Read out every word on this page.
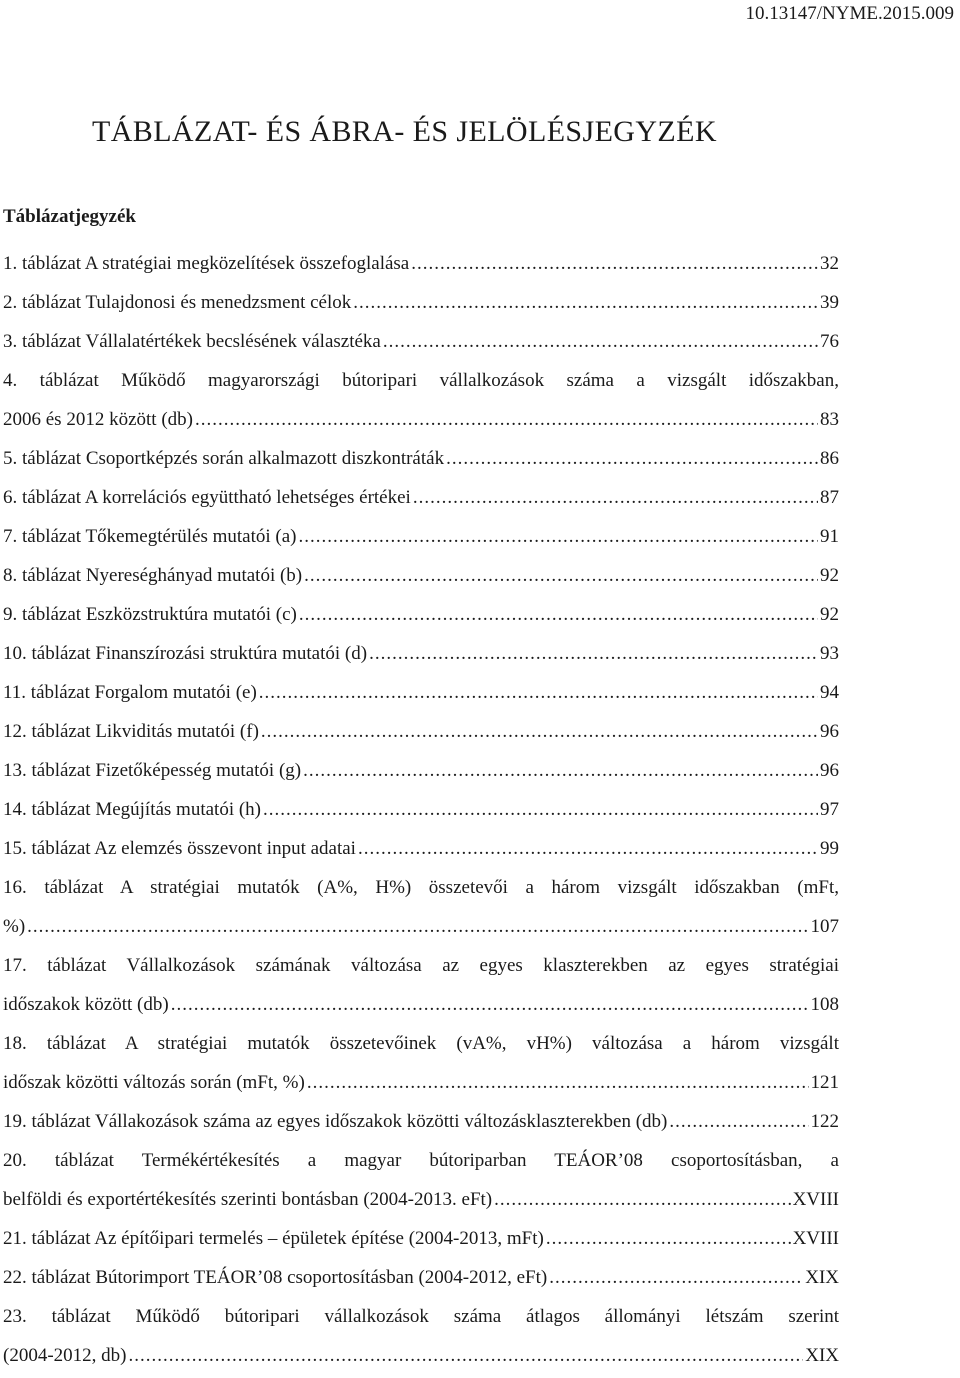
10.13147/NYME.2015.009
TÁBLÁZAT- ÉS ÁBRA- ÉS JELÖLÉSJEGYZÉK
Táblázatjegyzék
1. táblázat A stratégiai megközelítések összefoglalása .....	32
2. táblázat Tulajdonosi és menedzsment célok .....	39
3. táblázat Vállalatértékek becslésének választéka .....	76
4. táblázat Működő magyarországi bútoripari vállalkozások száma a vizsgált időszakban,
2006 és 2012 között (db) .....	83
5. táblázat Csoportképzés során alkalmazott diszkontráták .....	86
6. táblázat A korrelációs együttható lehetséges értékei .....	87
7. táblázat Tőkemegtérülés mutatói (a) .....	91
8. táblázat Nyereséghányad mutatói (b) .....	92
9. táblázat Eszközstruktúra mutatói (c) .....	92
10. táblázat Finanszírozási struktúra mutatói (d) .....	93
11. táblázat Forgalom mutatói (e) .....	94
12. táblázat Likviditás mutatói (f) .....	96
13. táblázat Fizetőképesség mutatói (g) .....	96
14. táblázat Megújítás mutatói (h) .....	97
15. táblázat Az elemzés összevont input adatai .....	99
16. táblázat A stratégiai mutatók (A%, H%) összetevői a három vizsgált időszakban (mFt,
%) .....	107
17. táblázat Vállalkozások számának változása az egyes klaszterekben az egyes stratégiai
időszakok között (db) .....	108
18. táblázat A stratégiai mutatók összetevőinek (vA%, vH%) változása a három vizsgált
időszak közötti változás során (mFt, %) .....	121
19. táblázat Vállakozások száma az egyes időszakok közötti változásklaszterekben (db) .....	122
20. táblázat Termékértékesítés a magyar bútoriparban TEÁOR’08 csoportosításban, a
belföldi és exportértékesítés szerinti bontásban (2004-2013. eFt) .....	XVIII
21. táblázat Az építőipari termelés – épületek építése (2004-2013, mFt) .....	XVIII
22. táblázat Bútorimport TEÁOR’08 csoportosításban (2004-2012, eFt) .....	XIX
23. táblázat Működő bútoripari vállalkozások száma átlagos állományi létszám szerint
(2004-2012, db) .....	XIX
